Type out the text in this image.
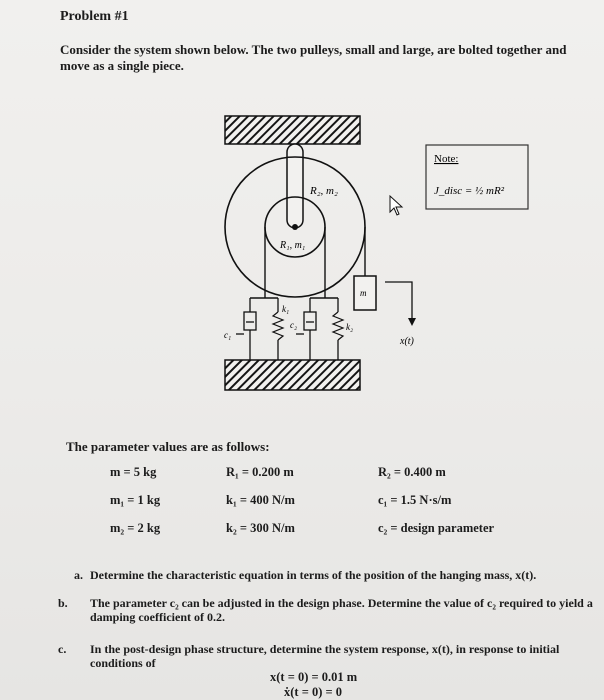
Problem #1
Consider the system shown below. The two pulleys, small and large, are bolted together and move as a single piece.
R₂, m₂
R₁, m₁
m
c₁
k₁
c₂	k₂
x(t)
Note:
J_disc = ½ mR²
The parameter values are as follows:
m = 5 kg
m₁ = 1 kg
m₂ = 2 kg
R₁ = 0.200 m
k₁ = 400 N/m
k₂ = 300 N/m
R₂ = 0.400 m
c₁ = 1.5 N·s/m
c₂ = design parameter
a. Determine the characteristic equation in terms of the position of the hanging mass, x(t).
b. The parameter c₂ can be adjusted in the design phase. Determine the value of c₂ required to yield a damping coefficient of 0.2.
c. In the post-design phase structure, determine the system response, x(t), in response to initial conditions of
x(t = 0) = 0.01 m
ẋ(t = 0) = 0
